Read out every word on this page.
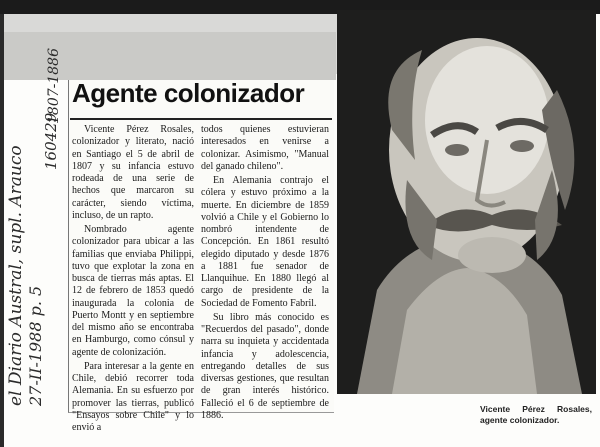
Agente colonizador

Vicente Pérez Rosales, colonizador y literato, nació en Santiago el 5 de abril de 1807 y su infancia estuvo rodeada de una serie de hechos que marcaron su carácter, siendo víctima, incluso, de un rapto.

Nombrado agente colonizador para ubicar a las familias que enviaba Philippi, tuvo que explotar la zona en busca de tierras más aptas. El 12 de febrero de 1853 quedó inaugurada la colonia de Puerto Montt y en septiembre del mismo año se encontraba en Hamburgo, como cónsul y agente de colonización.

Para interesar a la gente en Chile, debió recorrer toda Alemania. En su esfuerzo por promover las tierras, publicó "Ensayos sobre Chile" y lo envió a

todos quienes estuvieran interesados en venirse a colonizar. Asimismo, "Manual del ganado chileno".

En Alemania contrajo el cólera y estuvo próximo a la muerte. En diciembre de 1859 volvió a Chile y el Gobierno lo nombró intendente de Concepción. En 1861 resultó elegido diputado y desde 1876 a 1881 fue senador de Llanquihue. En 1880 llegó al cargo de presidente de la Sociedad de Fomento Fabril.

Su libro más conocido es "Recuerdos del pasado", donde narra su inquieta y accidentada infancia y adolescencia, entregando detalles de sus diversas gestiones, que resultan de gran interés histórico. Falleció el 6 de septiembre de 1886.

el Diario Austral, supl. Arauco 27-II-1988 p. 5
160429
1807-1886
Vicente Pérez Rosales, agente colonizador.
